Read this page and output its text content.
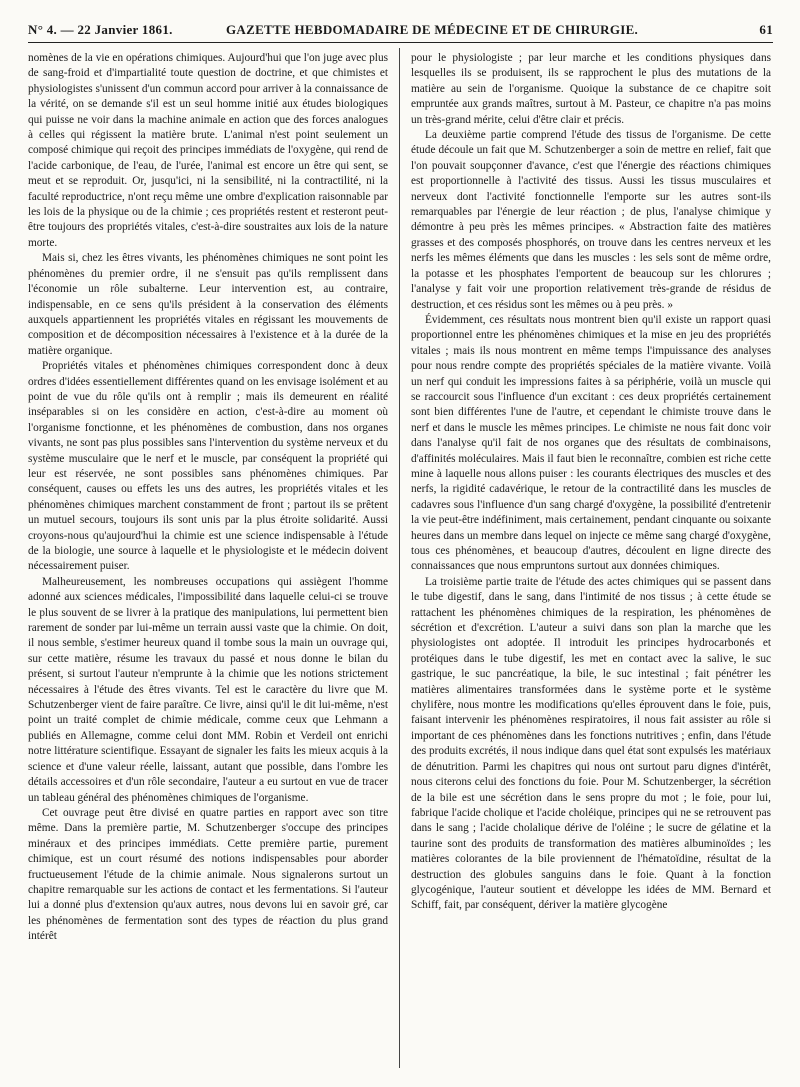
N° 4. — 22 Janvier 1861.	GAZETTE HEBDOMADAIRE DE MÉDECINE ET DE CHIRURGIE.	61

nomènes de la vie en opérations chimiques. Aujourd'hui que l'on juge avec plus de sang-froid et d'impartialité toute question de doctrine, et que chimistes et physiologistes s'unissent d'un commun accord pour arriver à la connaissance de la vérité, on se demande s'il est un seul homme initié aux études biologiques qui puisse ne voir dans la machine animale en action que des forces analogues à celles qui régissent la matière brute. L'animal n'est point seulement un composé chimique qui reçoit des principes immédiats de l'oxygène, qui rend de l'acide carbonique, de l'eau, de l'urée, l'animal est encore un être qui sent, se meut et se reproduit. Or, jusqu'ici, ni la sensibilité, ni la contractilité, ni la faculté reproductrice, n'ont reçu même une ombre d'explication raisonnable par les lois de la physique ou de la chimie ; ces propriétés restent et resteront peut-être toujours des propriétés vitales, c'est-à-dire soustraites aux lois de la nature morte.

Mais si, chez les êtres vivants, les phénomènes chimiques ne sont point les phénomènes du premier ordre, il ne s'ensuit pas qu'ils remplissent dans l'économie un rôle subalterne. Leur intervention est, au contraire, indispensable, en ce sens qu'ils président à la conservation des éléments auxquels appartiennent les propriétés vitales en régissant les mouvements de composition et de décomposition nécessaires à l'existence et à la durée de la matière organique.

Propriétés vitales et phénomènes chimiques correspondent donc à deux ordres d'idées essentiellement différentes quand on les envisage isolément et au point de vue du rôle qu'ils ont à remplir ; mais ils demeurent en réalité inséparables si on les considère en action, c'est-à-dire au moment où l'organisme fonctionne, et les phénomènes de combustion, dans nos organes vivants, ne sont pas plus possibles sans l'intervention du système nerveux et du système musculaire que le nerf et le muscle, par conséquent la propriété qui leur est réservée, ne sont possibles sans phénomènes chimiques. Par conséquent, causes ou effets les uns des autres, les propriétés vitales et les phénomènes chimiques marchent constamment de front ; partout ils se prêtent un mutuel secours, toujours ils sont unis par la plus étroite solidarité. Aussi croyons-nous qu'aujourd'hui la chimie est une science indispensable à l'étude de la biologie, une source à laquelle et le physiologiste et le médecin doivent nécessairement puiser.

Malheureusement, les nombreuses occupations qui assiègent l'homme adonné aux sciences médicales, l'impossibilité dans laquelle celui-ci se trouve le plus souvent de se livrer à la pratique des manipulations, lui permettent bien rarement de sonder par lui-même un terrain aussi vaste que la chimie. On doit, il nous semble, s'estimer heureux quand il tombe sous la main un ouvrage qui, sur cette matière, résume les travaux du passé et nous donne le bilan du présent, si surtout l'auteur n'emprunte à la chimie que les notions strictement nécessaires à l'étude des êtres vivants. Tel est le caractère du livre que M. Schutzenberger vient de faire paraître. Ce livre, ainsi qu'il le dit lui-même, n'est point un traité complet de chimie médicale, comme ceux que Lehmann a publiés en Allemagne, comme celui dont MM. Robin et Verdeil ont enrichi notre littérature scientifique. Essayant de signaler les faits les mieux acquis à la science et d'une valeur réelle, laissant, autant que possible, dans l'ombre les détails accessoires et d'un rôle secondaire, l'auteur a eu surtout en vue de tracer un tableau général des phénomènes chimiques de l'organisme.

Cet ouvrage peut être divisé en quatre parties en rapport avec son titre même. Dans la première partie, M. Schutzenberger s'occupe des principes minéraux et des principes immédiats. Cette première partie, purement chimique, est un court résumé des notions indispensables pour aborder fructueusement l'étude de la chimie animale. Nous signalerons surtout un chapitre remarquable sur les actions de contact et les fermentations. Si l'auteur lui a donné plus d'extension qu'aux autres, nous devons lui en savoir gré, car les phénomènes de fermentation sont des types de réaction du plus grand intérêt

pour le physiologiste ; par leur marche et les conditions physiques dans lesquelles ils se produisent, ils se rapprochent le plus des mutations de la matière au sein de l'organisme. Quoique la substance de ce chapitre soit empruntée aux grands maîtres, surtout à M. Pasteur, ce chapitre n'a pas moins un très-grand mérite, celui d'être clair et précis.

La deuxième partie comprend l'étude des tissus de l'organisme. De cette étude découle un fait que M. Schutzenberger a soin de mettre en relief, fait que l'on pouvait soupçonner d'avance, c'est que l'énergie des réactions chimiques est proportionnelle à l'activité des tissus. Aussi les tissus musculaires et nerveux dont l'activité fonctionnelle l'emporte sur les autres sont-ils remarquables par l'énergie de leur réaction ; de plus, l'analyse chimique y démontre à peu près les mêmes principes. « Abstraction faite des matières grasses et des composés phosphorés, on trouve dans les centres nerveux et les nerfs les mêmes éléments que dans les muscles : les sels sont de même ordre, la potasse et les phosphates l'emportent de beaucoup sur les chlorures ; l'analyse y fait voir une proportion relativement très-grande de résidus de destruction, et ces résidus sont les mêmes ou à peu près. »

Évidemment, ces résultats nous montrent bien qu'il existe un rapport quasi proportionnel entre les phénomènes chimiques et la mise en jeu des propriétés vitales ; mais ils nous montrent en même temps l'impuissance des analyses pour nous rendre compte des propriétés spéciales de la matière vivante. Voilà un nerf qui conduit les impressions faites à sa périphérie, voilà un muscle qui se raccourcit sous l'influence d'un excitant : ces deux propriétés certainement sont bien différentes l'une de l'autre, et cependant le chimiste trouve dans le nerf et dans le muscle les mêmes principes. Le chimiste ne nous fait donc voir dans l'analyse qu'il fait de nos organes que des résultats de combinaisons, d'affinités moléculaires. Mais il faut bien le reconnaître, combien est riche cette mine à laquelle nous allons puiser : les courants électriques des muscles et des nerfs, la rigidité cadavérique, le retour de la contractilité dans les muscles de cadavres sous l'influence d'un sang chargé d'oxygène, la possibilité d'entretenir la vie peut-être indéfiniment, mais certainement, pendant cinquante ou soixante heures dans un membre dans lequel on injecte ce même sang chargé d'oxygène, tous ces phénomènes, et beaucoup d'autres, découlent en ligne directe des connaissances que nous empruntons surtout aux données chimiques.

La troisième partie traite de l'étude des actes chimiques qui se passent dans le tube digestif, dans le sang, dans l'intimité de nos tissus ; à cette étude se rattachent les phénomènes chimiques de la respiration, les phénomènes de sécrétion et d'excrétion. L'auteur a suivi dans son plan la marche que les physiologistes ont adoptée. Il introduit les principes hydrocarbonés et protéiques dans le tube digestif, les met en contact avec la salive, le suc gastrique, le suc pancréatique, la bile, le suc intestinal ; fait pénétrer les matières alimentaires transformées dans le système porte et le système chylifère, nous montre les modifications qu'elles éprouvent dans le foie, puis, faisant intervenir les phénomènes respiratoires, il nous fait assister au rôle si important de ces phénomènes dans les fonctions nutritives ; enfin, dans l'étude des produits excrétés, il nous indique dans quel état sont expulsés les matériaux de dénutrition. Parmi les chapitres qui nous ont surtout paru dignes d'intérêt, nous citerons celui des fonctions du foie. Pour M. Schutzenberger, la sécrétion de la bile est une sécrétion dans le sens propre du mot ; le foie, pour lui, fabrique l'acide cholique et l'acide choléique, principes qui ne se retrouvent pas dans le sang ; l'acide cholalique dérive de l'oléine ; le sucre de gélatine et la taurine sont des produits de transformation des matières albuminoïdes ; les matières colorantes de la bile proviennent de l'hématoïdine, résultat de la destruction des globules sanguins dans le foie. Quant à la fonction glycogénique, l'auteur soutient et développe les idées de MM. Bernard et Schiff, fait, par conséquent, dériver la matière glycogène
